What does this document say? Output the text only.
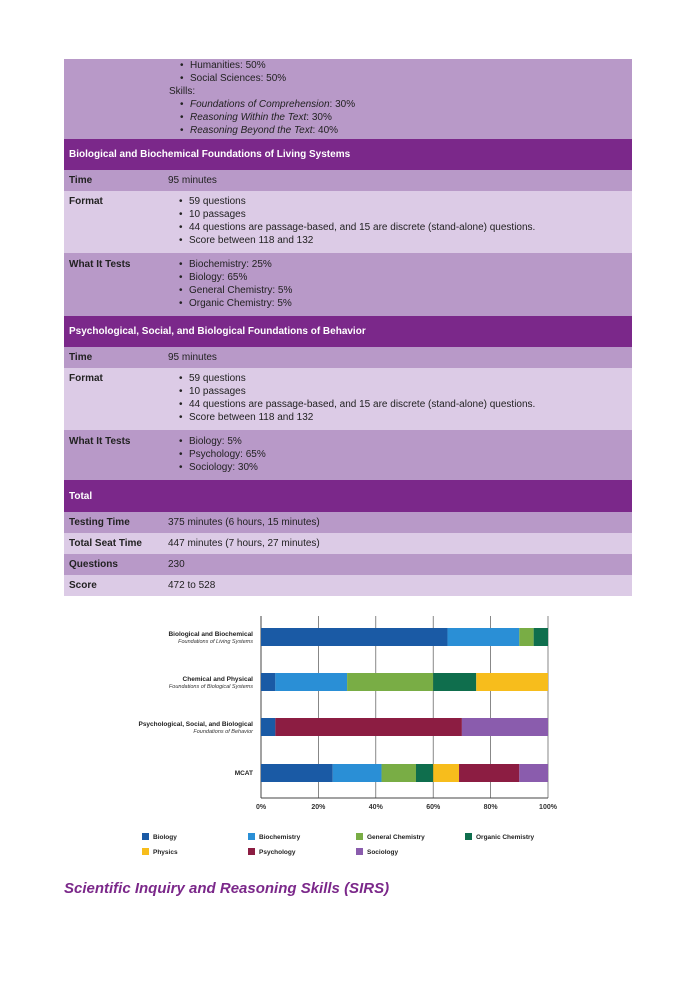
• Humanities: 50%
• Social Sciences: 50%
Skills:
• Foundations of Comprehension: 30%
• Reasoning Within the Text: 30%
• Reasoning Beyond the Text: 40%
Biological and Biochemical Foundations of Living Systems
Time	95 minutes
Format	• 59 questions
• 10 passages
• 44 questions are passage-based, and 15 are discrete (stand-alone) questions.
• Score between 118 and 132
What It Tests	• Biochemistry: 25%
• Biology: 65%
• General Chemistry: 5%
• Organic Chemistry: 5%
Psychological, Social, and Biological Foundations of Behavior
Time	95 minutes
Format	• 59 questions
• 10 passages
• 44 questions are passage-based, and 15 are discrete (stand-alone) questions.
• Score between 118 and 132
What It Tests	• Biology: 5%
• Psychology: 65%
• Sociology: 30%
Total
Testing Time	375 minutes (6 hours, 15 minutes)
Total Seat Time	447 minutes (7 hours, 27 minutes)
Questions	230
Score	472 to 528
0%	20%	40%	60%	80%	100%
Biological and Biochemical
Foundations of Living Systems
Chemical and Physical
Foundations of Biological Systems
Psychological, Social, and Biological
Foundations of Behavior
MCAT
Biology	Biochemistry	General Chemistry	Organic Chemistry
Physics	Psychology	Sociology
Scientific Inquiry and Reasoning Skills (SIRS)
